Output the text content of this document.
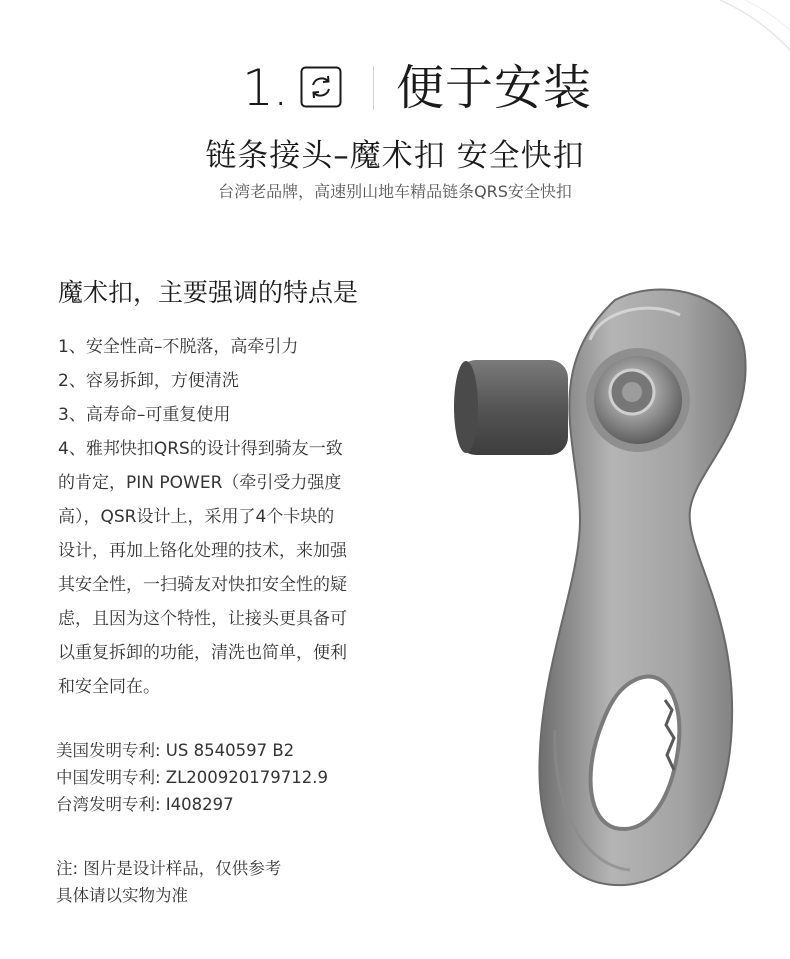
1. 便于安装
链条接头–魔术扣 安全快扣
台湾老品牌，高速别山地车精品链条QRS安全快扣
魔术扣，主要强调的特点是
1、安全性高–不脱落，高牵引力
2、容易拆卸，方便清洗
3、高寿命–可重复使用
4、雅邦快扣QRS的设计得到骑友一致
的肯定，PIN POWER（牵引受力强度
高），QSR设计上，采用了4个卡块的
设计，再加上铬化处理的技术，来加强
其安全性，一扫骑友对快扣安全性的疑
虑，且因为这个特性，让接头更具备可
以重复拆卸的功能，清洗也简单，便利
和安全同在。
美国发明专利: US 8540597 B2
中国发明专利: ZL200920179712.9
台湾发明专利: I408297
注: 图片是设计样品，仅供参考
具体请以实物为准
